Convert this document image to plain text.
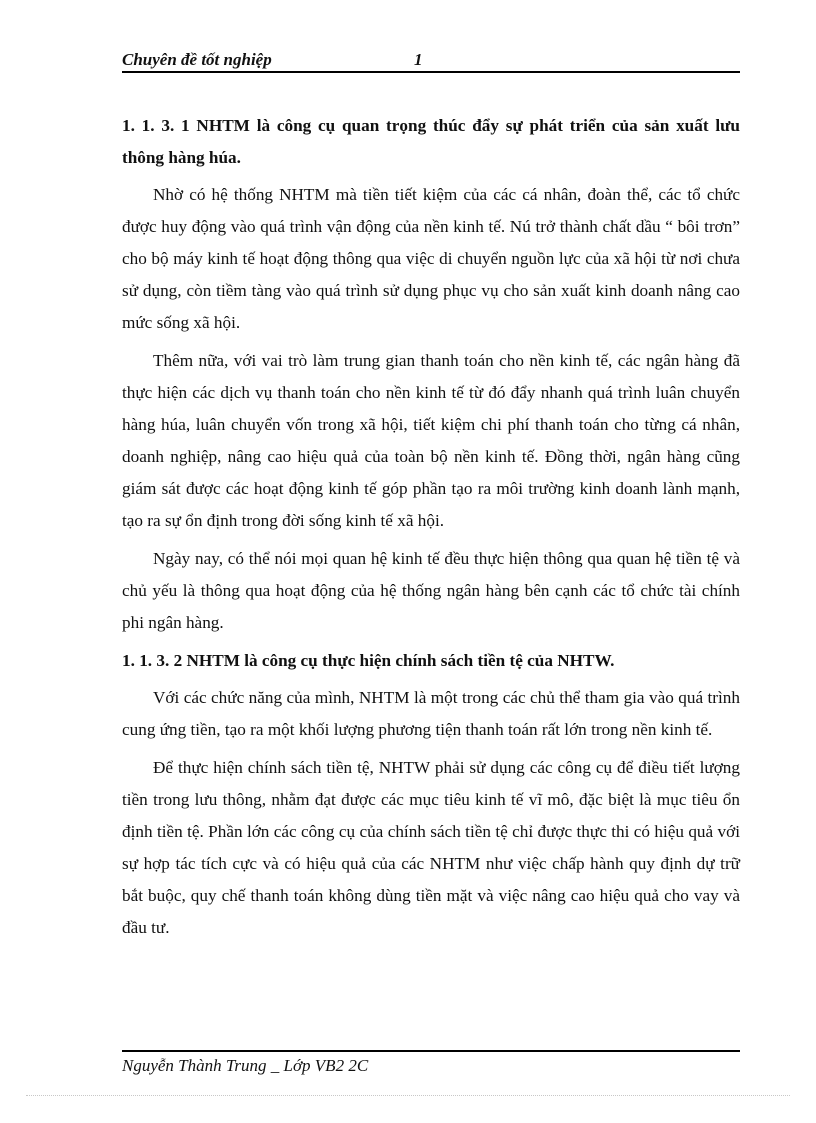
Chuyên đề tốt nghiệp	1

1. 1. 3. 1 NHTM là công cụ quan trọng thúc đẩy sự phát triển của sản xuất lưu thông hàng húa.

Nhờ có hệ thống NHTM mà tiền tiết kiệm của các cá nhân, đoàn thể, các tổ chức được huy động vào quá trình vận động của nền kinh tế. Nú trở thành chất dầu “ bôi trơn” cho bộ máy kinh tế hoạt động thông qua việc di chuyển nguồn lực của xã hội từ nơi chưa sử dụng, còn tiềm tàng vào quá trình sử dụng phục vụ cho sản xuất kinh doanh nâng cao mức sống xã hội.

Thêm nữa, với vai trò làm trung gian thanh toán cho nền kinh tế, các ngân hàng đã thực hiện các dịch vụ thanh toán cho nền kinh tế từ đó đẩy nhanh quá trình luân chuyển hàng húa, luân chuyển vốn trong xã hội, tiết kiệm chi phí thanh toán cho từng cá nhân, doanh nghiệp, nâng cao hiệu quả của toàn bộ nền kinh tế. Đồng thời, ngân hàng cũng giám sát được các hoạt động kinh tế góp phần tạo ra môi trường kinh doanh lành mạnh, tạo ra sự ổn định trong đời sống kinh tế xã hội.

Ngày nay, có thể nói mọi quan hệ kinh tế đều thực hiện thông qua quan hệ tiền tệ và chủ yếu là thông qua hoạt động của hệ thống ngân hàng bên cạnh các tổ chức tài chính phi ngân hàng.

1. 1. 3. 2 NHTM là công cụ thực hiện chính sách tiền tệ của NHTW.

Với các chức năng của mình, NHTM là một trong các chủ thể tham gia vào quá trình cung ứng tiền, tạo ra một khối lượng phương tiện thanh toán rất lớn trong nền kinh tế.

Để thực hiện chính sách tiền tệ, NHTW phải sử dụng các công cụ để điều tiết lượng tiền trong lưu thông, nhằm đạt được các mục tiêu kinh tế vĩ mô, đặc biệt là mục tiêu ổn định tiền tệ. Phần lớn các công cụ của chính sách tiền tệ chỉ được thực thi có hiệu quả với sự hợp tác tích cực và có hiệu quả của các NHTM như việc chấp hành quy định dự trữ bắt buộc, quy chế thanh toán không dùng tiền mặt và việc nâng cao hiệu quả cho vay và đầu tư.

Nguyễn Thành Trung _ Lớp VB2 2C
